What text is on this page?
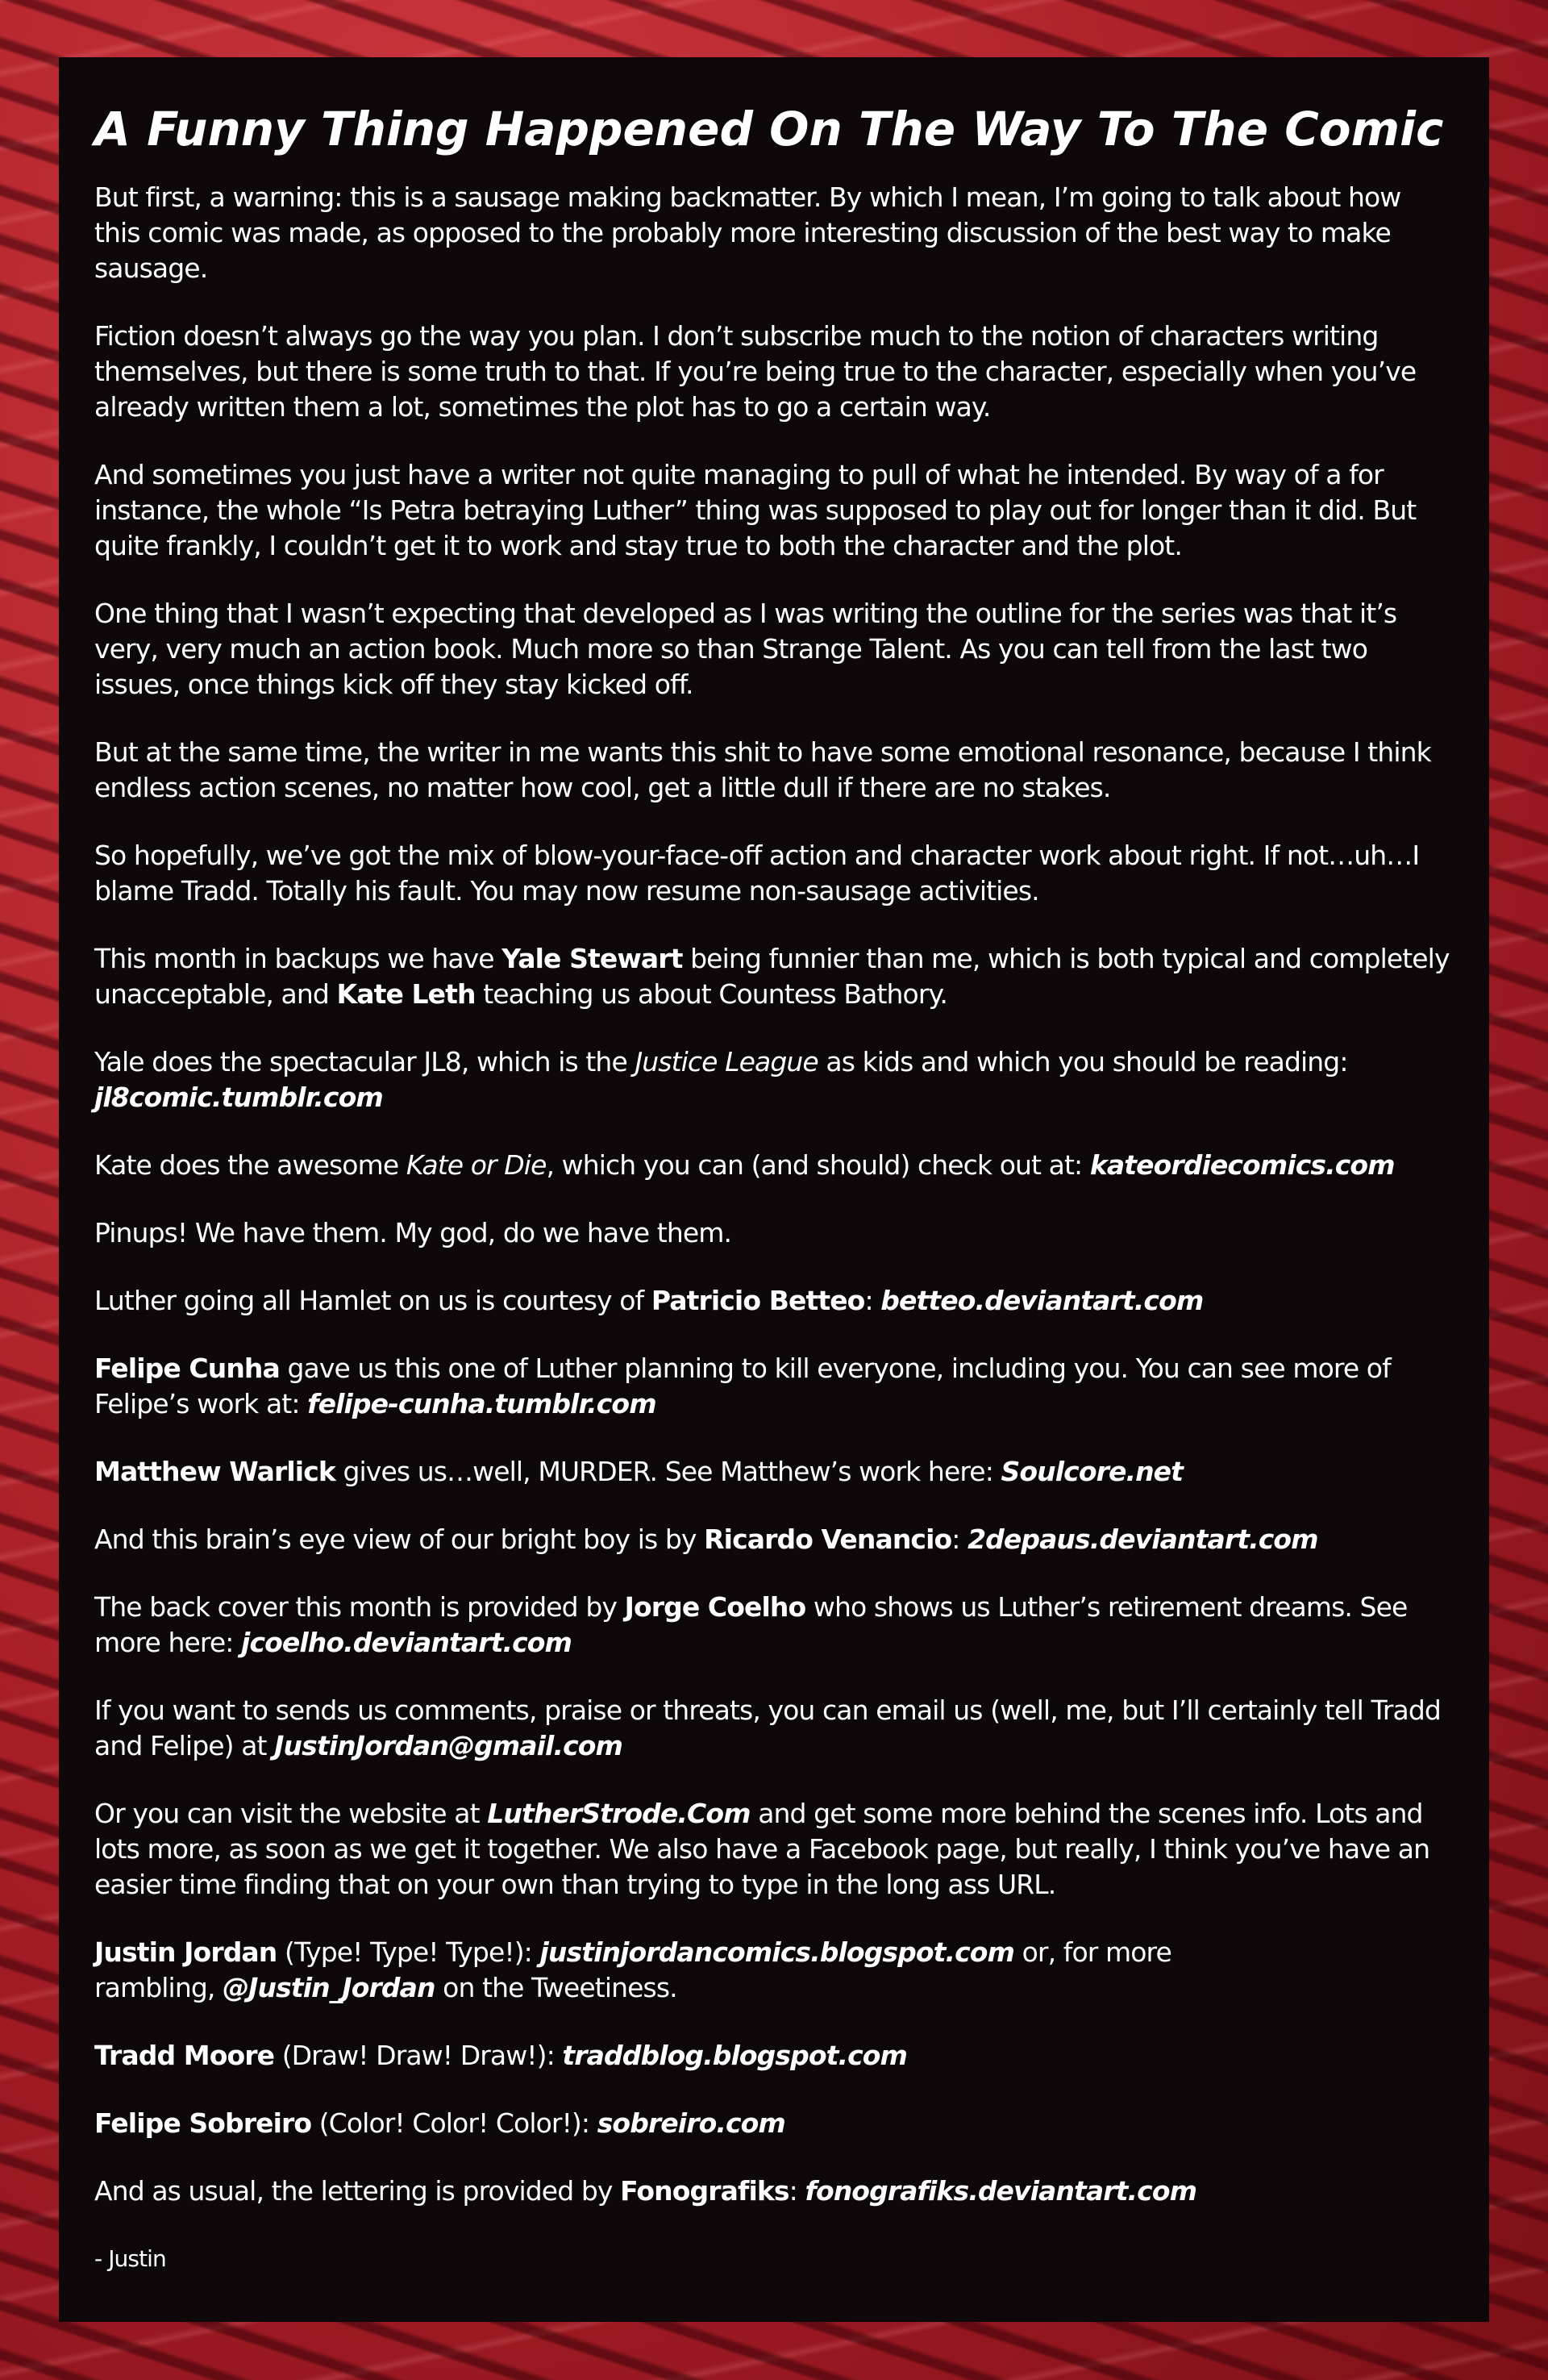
A Funny Thing Happened On The Way To The Comic

But first, a warning: this is a sausage making backmatter. By which I mean, I’m going to talk about how this comic was made, as opposed to the probably more interesting discussion of the best way to make sausage.

Fiction doesn’t always go the way you plan. I don’t subscribe much to the notion of characters writing themselves, but there is some truth to that. If you’re being true to the character, especially when you’ve already written them a lot, sometimes the plot has to go a certain way.

And sometimes you just have a writer not quite managing to pull of what he intended. By way of a for instance, the whole “Is Petra betraying Luther” thing was supposed to play out for longer than it did. But quite frankly, I couldn’t get it to work and stay true to both the character and the plot.

One thing that I wasn’t expecting that developed as I was writing the outline for the series was that it’s very, very much an action book. Much more so than Strange Talent. As you can tell from the last two issues, once things kick off they stay kicked off.

But at the same time, the writer in me wants this shit to have some emotional resonance, because I think endless action scenes, no matter how cool, get a little dull if there are no stakes.

So hopefully, we’ve got the mix of blow-your-face-off action and character work about right. If not…uh…I blame Tradd. Totally his fault. You may now resume non-sausage activities.

This month in backups we have Yale Stewart being funnier than me, which is both typical and completely unacceptable, and Kate Leth teaching us about Countess Bathory.

Yale does the spectacular JL8, which is the Justice League as kids and which you should be reading:
jl8comic.tumblr.com

Kate does the awesome Kate or Die, which you can (and should) check out at: kateordiecomics.com

Pinups! We have them. My god, do we have them.

Luther going all Hamlet on us is courtesy of Patricio Betteo: betteo.deviantart.com

Felipe Cunha gave us this one of Luther planning to kill everyone, including you. You can see more of Felipe’s work at: felipe-cunha.tumblr.com

Matthew Warlick gives us…well, MURDER. See Matthew’s work here: Soulcore.net

And this brain’s eye view of our bright boy is by Ricardo Venancio: 2depaus.deviantart.com

The back cover this month is provided by Jorge Coelho who shows us Luther’s retirement dreams. See more here: jcoelho.deviantart.com

If you want to sends us comments, praise or threats, you can email us (well, me, but I’ll certainly tell Tradd and Felipe) at JustinJordan@gmail.com

Or you can visit the website at LutherStrode.Com and get some more behind the scenes info. Lots and lots more, as soon as we get it together. We also have a Facebook page, but really, I think you’ve have an easier time finding that on your own than trying to type in the long ass URL.

Justin Jordan (Type! Type! Type!): justinjordancomics.blogspot.com or, for more
rambling, @Justin_Jordan on the Tweetiness.

Tradd Moore (Draw! Draw! Draw!): traddblog.blogspot.com

Felipe Sobreiro (Color! Color! Color!): sobreiro.com

And as usual, the lettering is provided by Fonografiks: fonografiks.deviantart.com

- Justin
